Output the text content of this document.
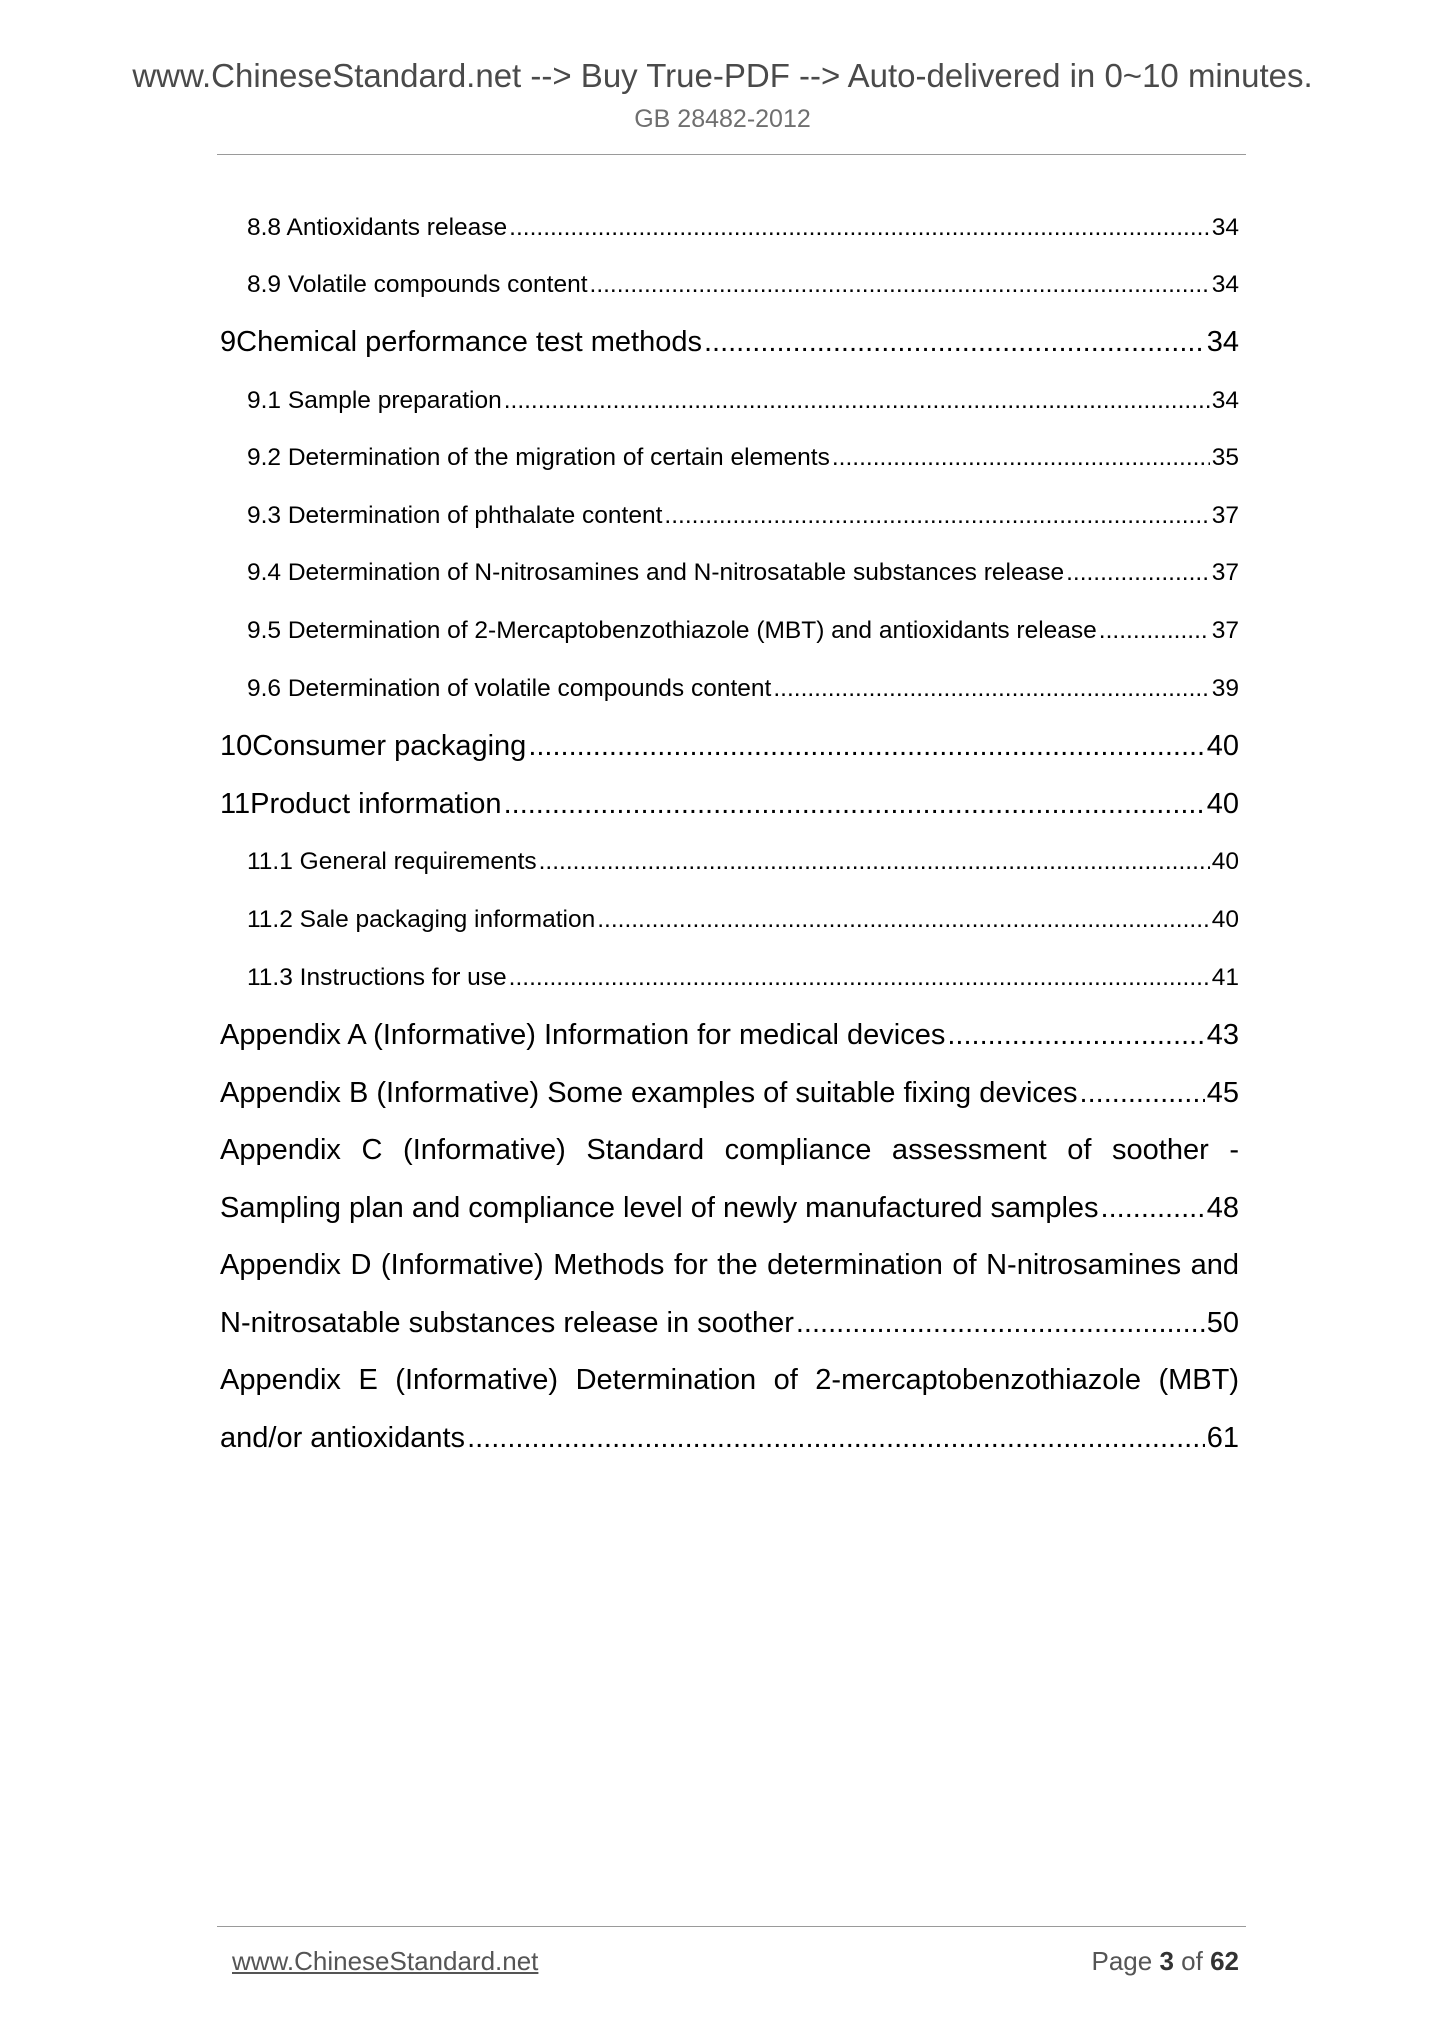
www.ChineseStandard.net --> Buy True-PDF --> Auto-delivered in 0~10 minutes.
GB 28482-2012
8.8 Antioxidants release .....	34
8.9 Volatile compounds content .....	34
9 Chemical performance test methods .....	34
9.1 Sample preparation .....	34
9.2 Determination of the migration of certain elements .....	35
9.3 Determination of phthalate content .....	37
9.4 Determination of N-nitrosamines and N-nitrosatable substances release .....	37
9.5 Determination of 2-Mercaptobenzothiazole (MBT) and antioxidants release .....	37
9.6 Determination of volatile compounds content .....	39
10 Consumer packaging .....	40
11 Product information .....	40
11.1 General requirements .....	40
11.2 Sale packaging information .....	40
11.3 Instructions for use .....	41
Appendix A (Informative) Information for medical devices .....	43
Appendix B (Informative) Some examples of suitable fixing devices .....	45
Appendix C (Informative) Standard compliance assessment of soother -
Sampling plan and compliance level of newly manufactured samples .....	48
Appendix D (Informative) Methods for the determination of N-nitrosamines and
N-nitrosatable substances release in soother .....	50
Appendix E (Informative) Determination of 2-mercaptobenzothiazole (MBT)
and/or antioxidants .....	61
www.ChineseStandard.net	Page 3 of 62
